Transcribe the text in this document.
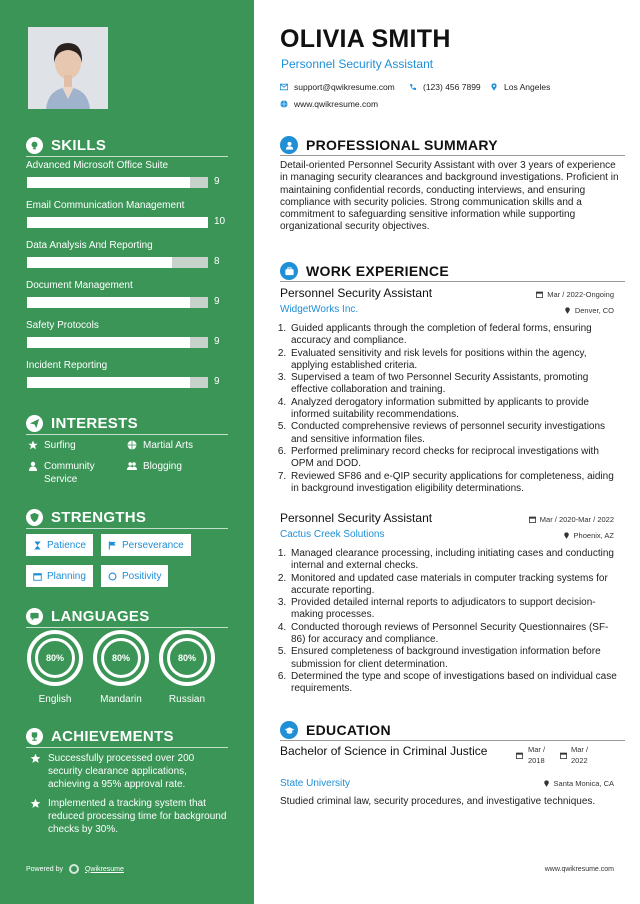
SKILLS
Advanced Microsoft Office Suite
9
Email Communication Management
10
Data Analysis And Reporting
8
Document Management
9
Safety Protocols
9
Incident Reporting
9
INTERESTS
Surfing	Martial Arts
Community Service
Blogging
STRENGTHS
Patience	Perseverance
Planning	Positivity
LANGUAGES
80%
English
80%
Mandarin
80%
Russian
ACHIEVEMENTS
Successfully processed over 200 security clearance applications, achieving a 95% approval rate.
Implemented a tracking system that reduced processing time for background checks by 30%.
Powered by	Qwikresume
OLIVIA SMITH
Personnel Security Assistant
support@qwikresume.com	(123) 456 7899	Los Angeles
www.qwikresume.com
PROFESSIONAL SUMMARY
Detail-oriented Personnel Security Assistant with over 3 years of experience in managing security clearances and background investigations. Proficient in maintaining confidential records, conducting interviews, and ensuring compliance with security policies. Strong communication skills and a commitment to safeguarding sensitive information while supporting organizational security objectives.
WORK EXPERIENCE
Personnel Security Assistant	Mar / 2022-Ongoing
WidgetWorks Inc.	Denver, CO
1. Guided applicants through the completion of federal forms, ensuring accuracy and compliance.
2. Evaluated sensitivity and risk levels for positions within the agency, applying established criteria.
3. Supervised a team of two Personnel Security Assistants, promoting effective collaboration and training.
4. Analyzed derogatory information submitted by applicants to provide informed suitability recommendations.
5. Conducted comprehensive reviews of personnel security investigations and sensitive information files.
6. Performed preliminary record checks for reciprocal investigations with OPM and DOD.
7. Reviewed SF86 and e-QIP security applications for completeness, aiding in background investigation eligibility determinations.
Personnel Security Assistant	Mar / 2020-Mar / 2022
Cactus Creek Solutions	Phoenix, AZ
1. Managed clearance processing, including initiating cases and conducting internal and external checks.
2. Monitored and updated case materials in computer tracking systems for accurate reporting.
3. Provided detailed internal reports to adjudicators to support decision-making processes.
4. Conducted thorough reviews of Personnel Security Questionnaires (SF-86) for accuracy and compliance.
5. Ensured completeness of background investigation information before submission for client determination.
6. Determined the type and scope of investigations based on individual case requirements.
EDUCATION
Bachelor of Science in Criminal Justice	Mar / 2018
Mar / 2022
State University	Santa Monica, CA
Studied criminal law, security procedures, and investigative techniques.
www.qwikresume.com
